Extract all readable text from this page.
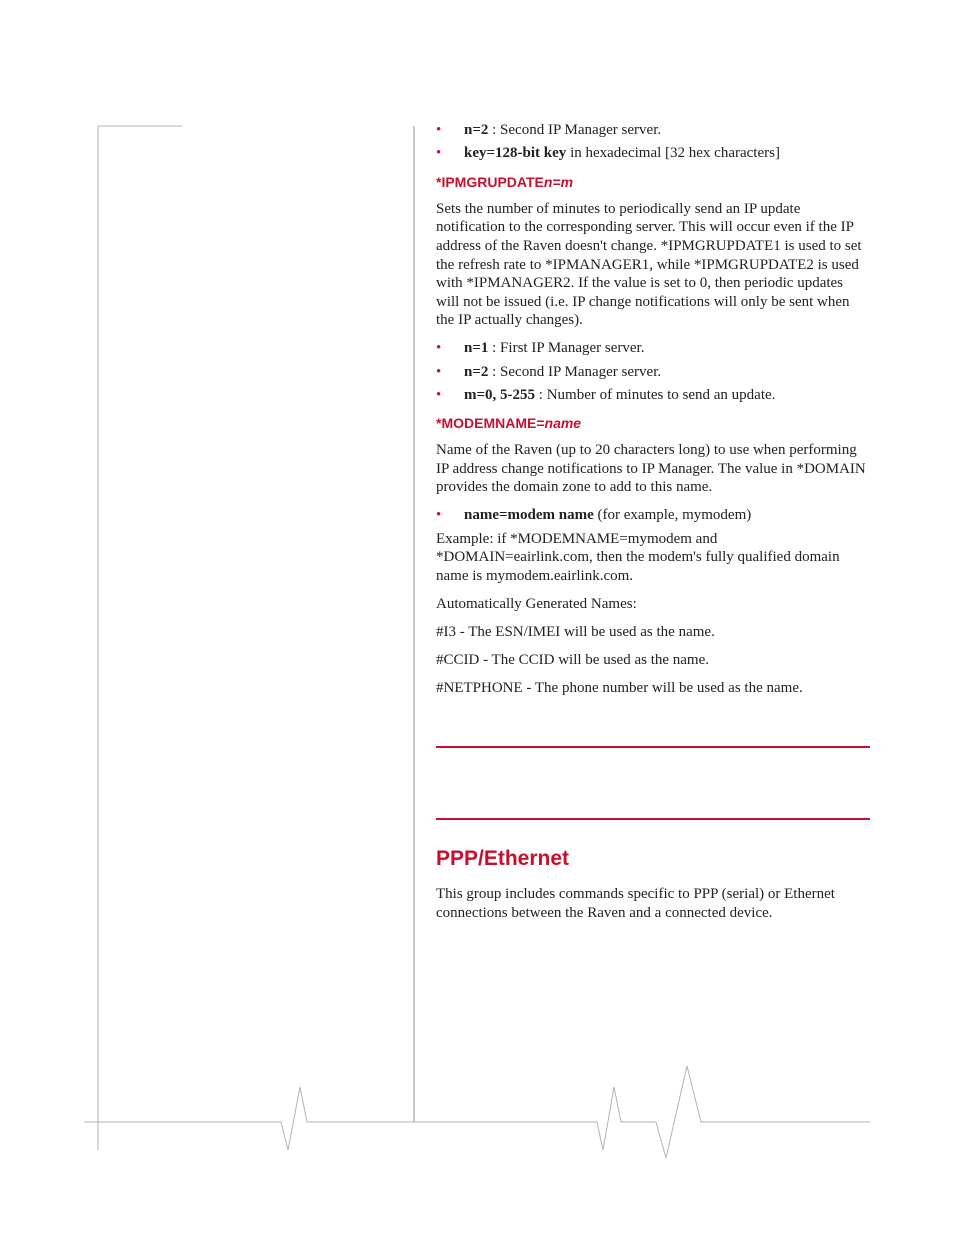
• n=2 : Second IP Manager server.
• key=128-bit key in hexadecimal [32 hex characters]
*IPMGRUPDATEn=m

Sets the number of minutes to periodically send an IP update notification to the corresponding server. This will occur even if the IP address of the Raven doesn't change. *IPMGRUPDATE1 is used to set the refresh rate to *IPMANAGER1, while *IPMGRUPDATE2 is used with *IPMANAGER2. If the value is set to 0, then periodic updates will not be issued (i.e. IP change notifications will only be sent when the IP actually changes).

• n=1 : First IP Manager server.
• n=2 : Second IP Manager server.
• m=0, 5-255 : Number of minutes to send an update.
*MODEMNAME=name

Name of the Raven (up to 20 characters long) to use when performing IP address change notifications to IP Manager. The value in *DOMAIN provides the domain zone to add to this name.

• name=modem name (for example, mymodem)

Example: if *MODEMNAME=mymodem and *DOMAIN=eairlink.com, then the modem's fully qualified domain name is mymodem.eairlink.com.

Automatically Generated Names:

#I3 - The ESN/IMEI will be used as the name.

#CCID - The CCID will be used as the name.

#NETPHONE - The phone number will be used as the name.

PPP/Ethernet

This group includes commands specific to PPP (serial) or Ethernet connections between the Raven and a connected device.
